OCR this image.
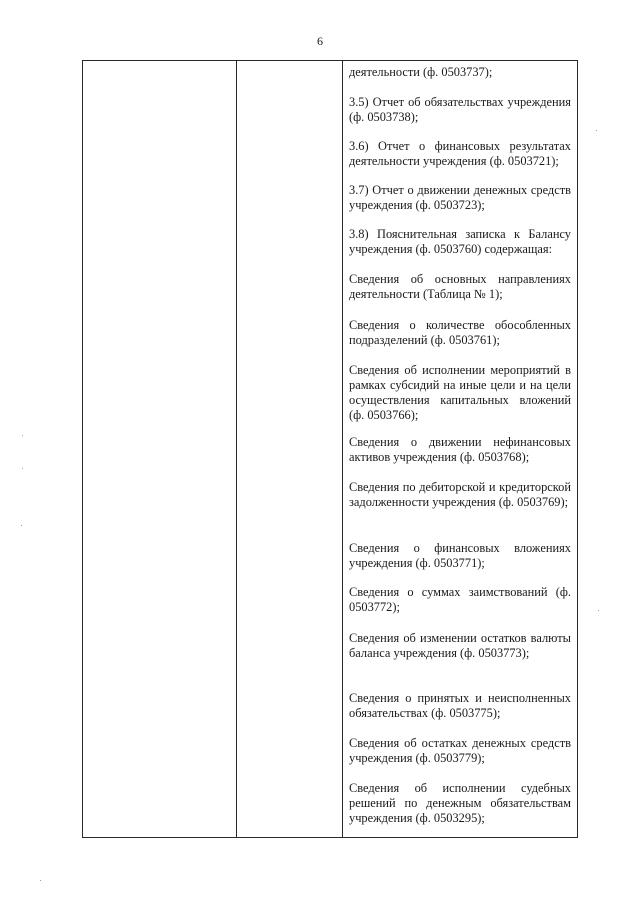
6
деятельности (ф. 0503737);
3.5) Отчет об обязательствах учреждения (ф. 0503738);
3.6) Отчет о финансовых результатах деятельности учреждения (ф. 0503721);
3.7) Отчет о движении денежных средств учреждения (ф. 0503723);
3.8) Пояснительная записка к Балансу учреждения (ф. 0503760) содержащая:
Сведения об основных направлениях деятельности (Таблица № 1);
Сведения о количестве обособленных подразделений (ф. 0503761);
Сведения об исполнении мероприятий в рамках субсидий на иные цели и на цели осуществления капитальных вложений (ф. 0503766);
Сведения о движении нефинансовых активов учреждения (ф. 0503768);
Сведения по дебиторской и кредиторской задолженности учреждения (ф. 0503769);
Сведения о финансовых вложениях учреждения (ф. 0503771);
Сведения о суммах заимствований (ф. 0503772);
Сведения об изменении остатков валюты баланса учреждения (ф. 0503773);
Сведения о принятых и неисполненных обязательствах (ф. 0503775);
Сведения об остатках денежных средств учреждения (ф. 0503779);
Сведения об исполнении судебных решений по денежным обязательствам учреждения (ф. 0503295);
